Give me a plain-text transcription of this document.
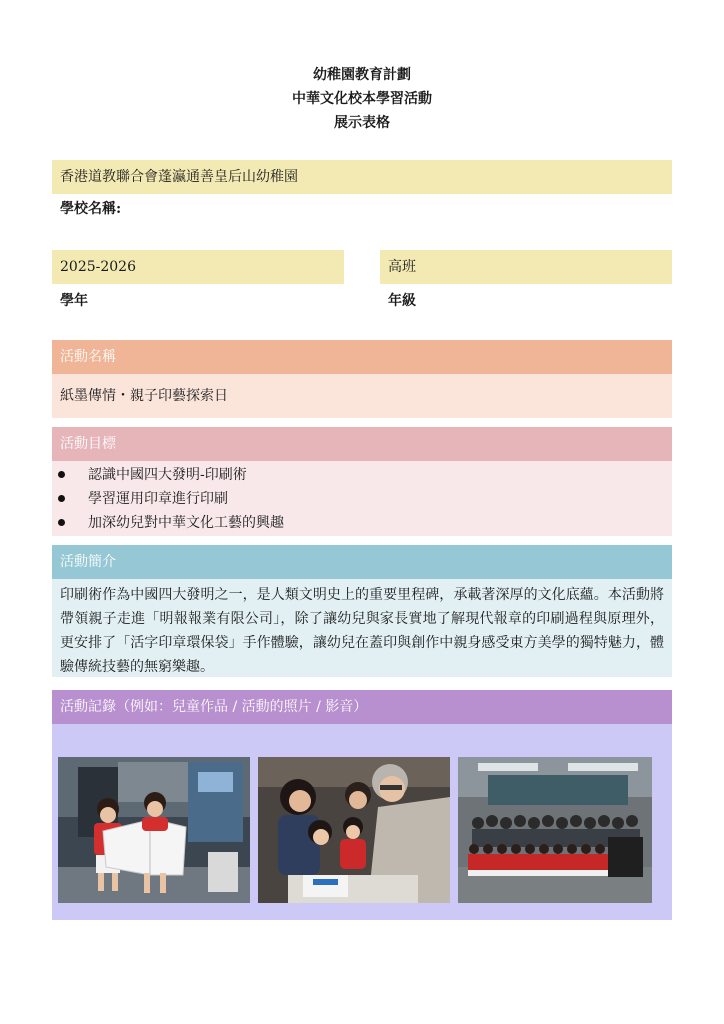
幼稚園教育計劃
中華文化校本學習活動
展示表格
香港道教聯合會蓬瀛通善皇后山幼稚園
學校名稱:
2025-2026
學年
高班
年級
活動名稱
紙墨傳情・親子印藝探索日
活動目標
認識中國四大發明-印刷術
學習運用印章進行印刷
加深幼兒對中華文化工藝的興趣
活動簡介
印刷術作為中國四大發明之一，是人類文明史上的重要里程碑，承載著深厚的文化底蘊。本活動將帶領親子走進「明報報業有限公司」，除了讓幼兒與家長實地了解現代報章的印刷過程與原理外，更安排了「活字印章環保袋」手作體驗，讓幼兒在蓋印與創作中親身感受東方美學的獨特魅力，體驗傳統技藝的無窮樂趣。
活動記錄（例如：兒童作品 / 活動的照片 / 影音）
